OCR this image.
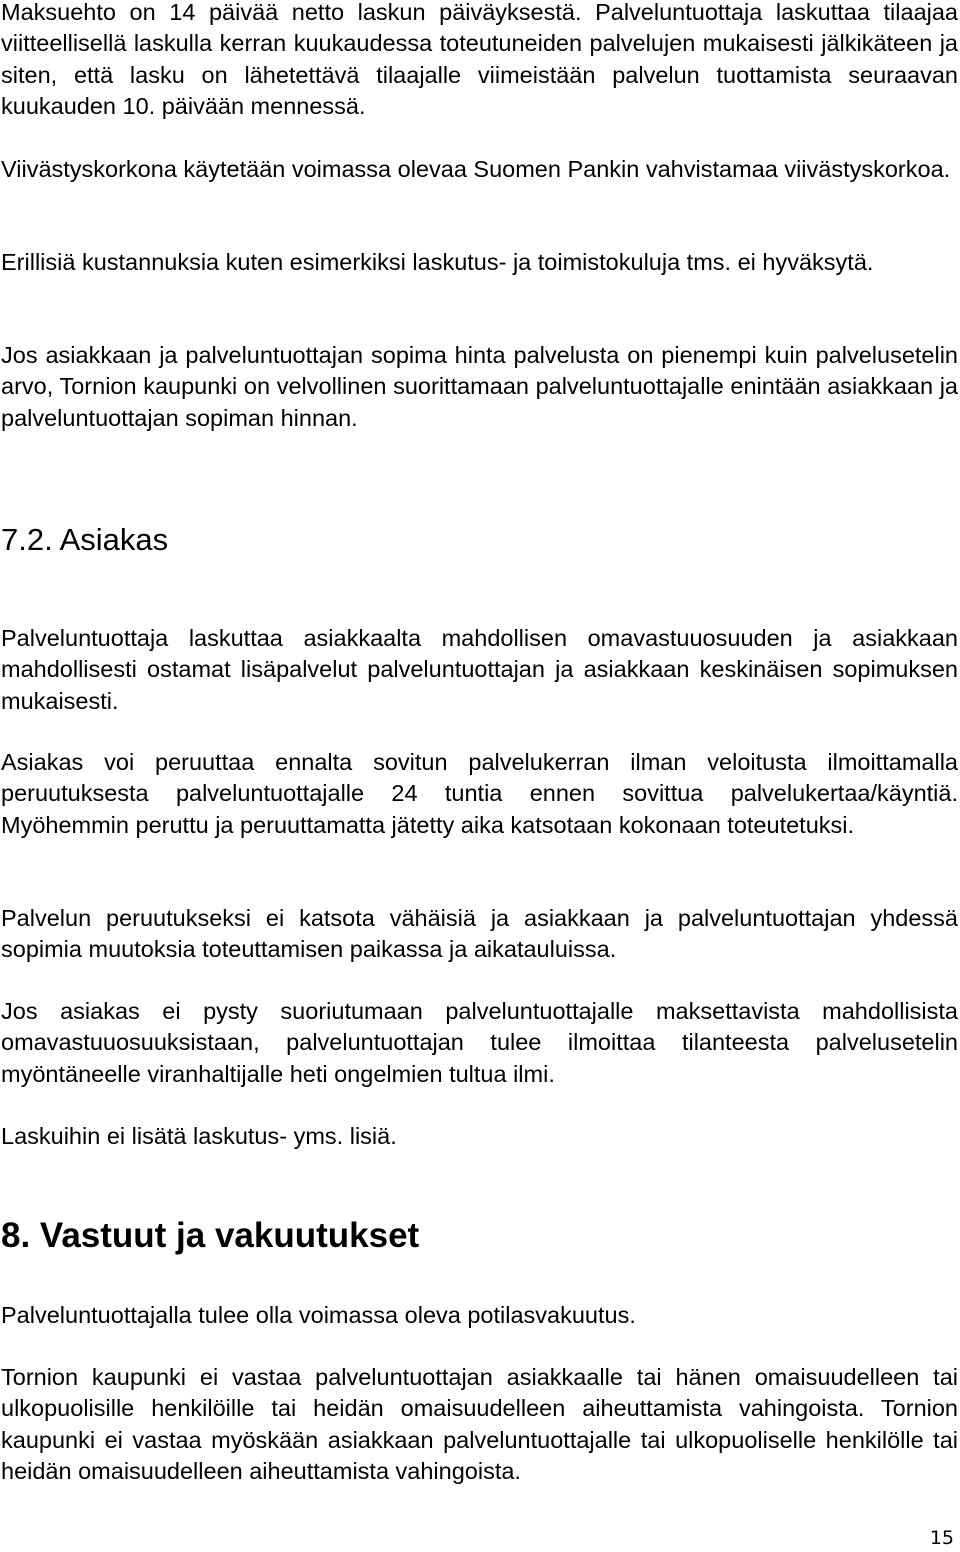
Maksuehto on 14 päivää netto laskun päiväyksestä. Palveluntuottaja laskuttaa tilaajaa viitteellisellä laskulla kerran kuukaudessa toteutuneiden palvelujen mukaisesti jälkikäteen ja siten, että lasku on lähetettävä tilaajalle viimeistään palvelun tuottamista seuraavan kuukauden 10. päivään mennessä.

Viivästyskorkona käytetään voimassa olevaa Suomen Pankin vahvistamaa viivästyskorkoa.

Erillisiä kustannuksia kuten esimerkiksi laskutus- ja toimistokuluja tms. ei hyväksytä.

Jos asiakkaan ja palveluntuottajan sopima hinta palvelusta on pienempi kuin palvelusetelin arvo, Tornion kaupunki on velvollinen suorittamaan palveluntuottajalle enintään asiakkaan ja palveluntuottajan sopiman hinnan.

7.2. Asiakas

Palveluntuottaja laskuttaa asiakkaalta mahdollisen omavastuuosuuden ja asiakkaan mahdollisesti ostamat lisäpalvelut palveluntuottajan ja asiakkaan keskinäisen sopimuksen mukaisesti.

Asiakas voi peruuttaa ennalta sovitun palvelukerran ilman veloitusta ilmoittamalla peruutuksesta palveluntuottajalle 24 tuntia ennen sovittua palvelukertaa/käyntiä. Myöhemmin peruttu ja peruuttamatta jätetty aika katsotaan kokonaan toteutetuksi.

Palvelun peruutukseksi ei katsota vähäisiä ja asiakkaan ja palveluntuottajan yhdessä sopimia muutoksia toteuttamisen paikassa ja aikatauluissa.

Jos asiakas ei pysty suoriutumaan palveluntuottajalle maksettavista mahdollisista omavastuuosuuksistaan, palveluntuottajan tulee ilmoittaa tilanteesta palvelusetelin myöntäneelle viranhaltijalle heti ongelmien tultua ilmi.

Laskuihin ei lisätä laskutus- yms. lisiä.

8. Vastuut ja vakuutukset

Palveluntuottajalla tulee olla voimassa oleva potilasvakuutus.

Tornion kaupunki ei vastaa palveluntuottajan asiakkaalle tai hänen omaisuudelleen tai ulkopuolisille henkilöille tai heidän omaisuudelleen aiheuttamista vahingoista. Tornion kaupunki ei vastaa myöskään asiakkaan palveluntuottajalle tai ulkopuoliselle henkilölle tai heidän omaisuudelleen aiheuttamista vahingoista.

15
